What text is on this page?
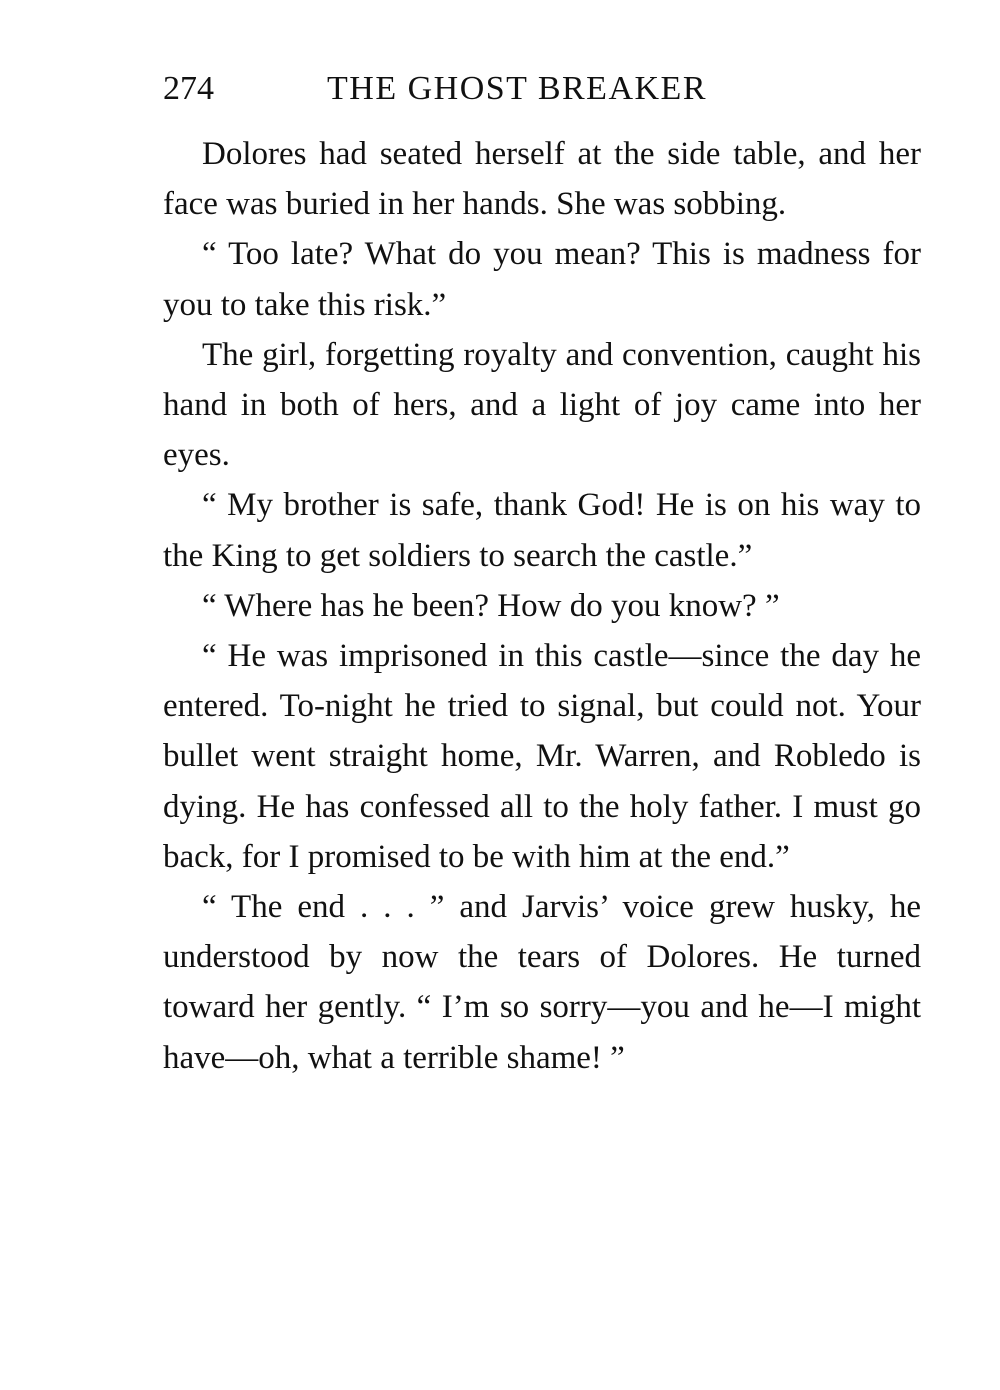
274	THE GHOST BREAKER

Dolores had seated herself at the side table, and her face was buried in her hands. She was sobbing.

“ Too late? What do you mean? This is madness for you to take this risk.”

The girl, forgetting royalty and convention, caught his hand in both of hers, and a light of joy came into her eyes.

“ My brother is safe, thank God! He is on his way to the King to get soldiers to search the castle.”

“ Where has he been? How do you know? ”

“ He was imprisoned in this castle—since the day he entered. To-night he tried to signal, but could not. Your bullet went straight home, Mr. Warren, and Robledo is dying. He has confessed all to the holy father. I must go back, for I promised to be with him at the end.”

“ The end . . . ” and Jarvis’ voice grew husky, he understood by now the tears of Dolores. He turned toward her gently. “ I’m so sorry—you and he—I might have—oh, what a terrible shame! ”
